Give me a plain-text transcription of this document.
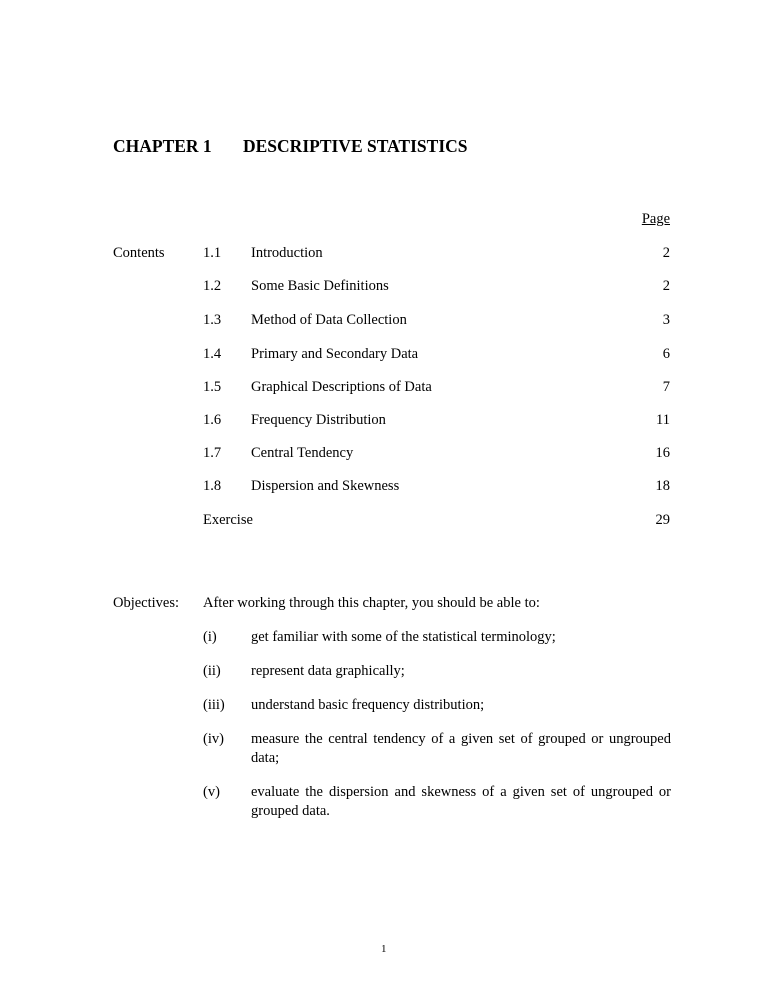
CHAPTER 1 DESCRIPTIVE STATISTICS
Page
Contents	1.1 Introduction	2
1.2 Some Basic Definitions	2
1.3 Method of Data Collection	3
1.4 Primary and Secondary Data	6
1.5 Graphical Descriptions of Data	7
1.6 Frequency Distribution	11
1.7 Central Tendency	16
1.8 Dispersion and Skewness	18
Exercise	29
Objectives: After working through this chapter, you should be able to:
(i) get familiar with some of the statistical terminology;
(ii) represent data graphically;
(iii) understand basic frequency distribution;
(iv) measure the central tendency of a given set of grouped or ungrouped data;
(v) evaluate the dispersion and skewness of a given set of ungrouped or grouped data.
1
